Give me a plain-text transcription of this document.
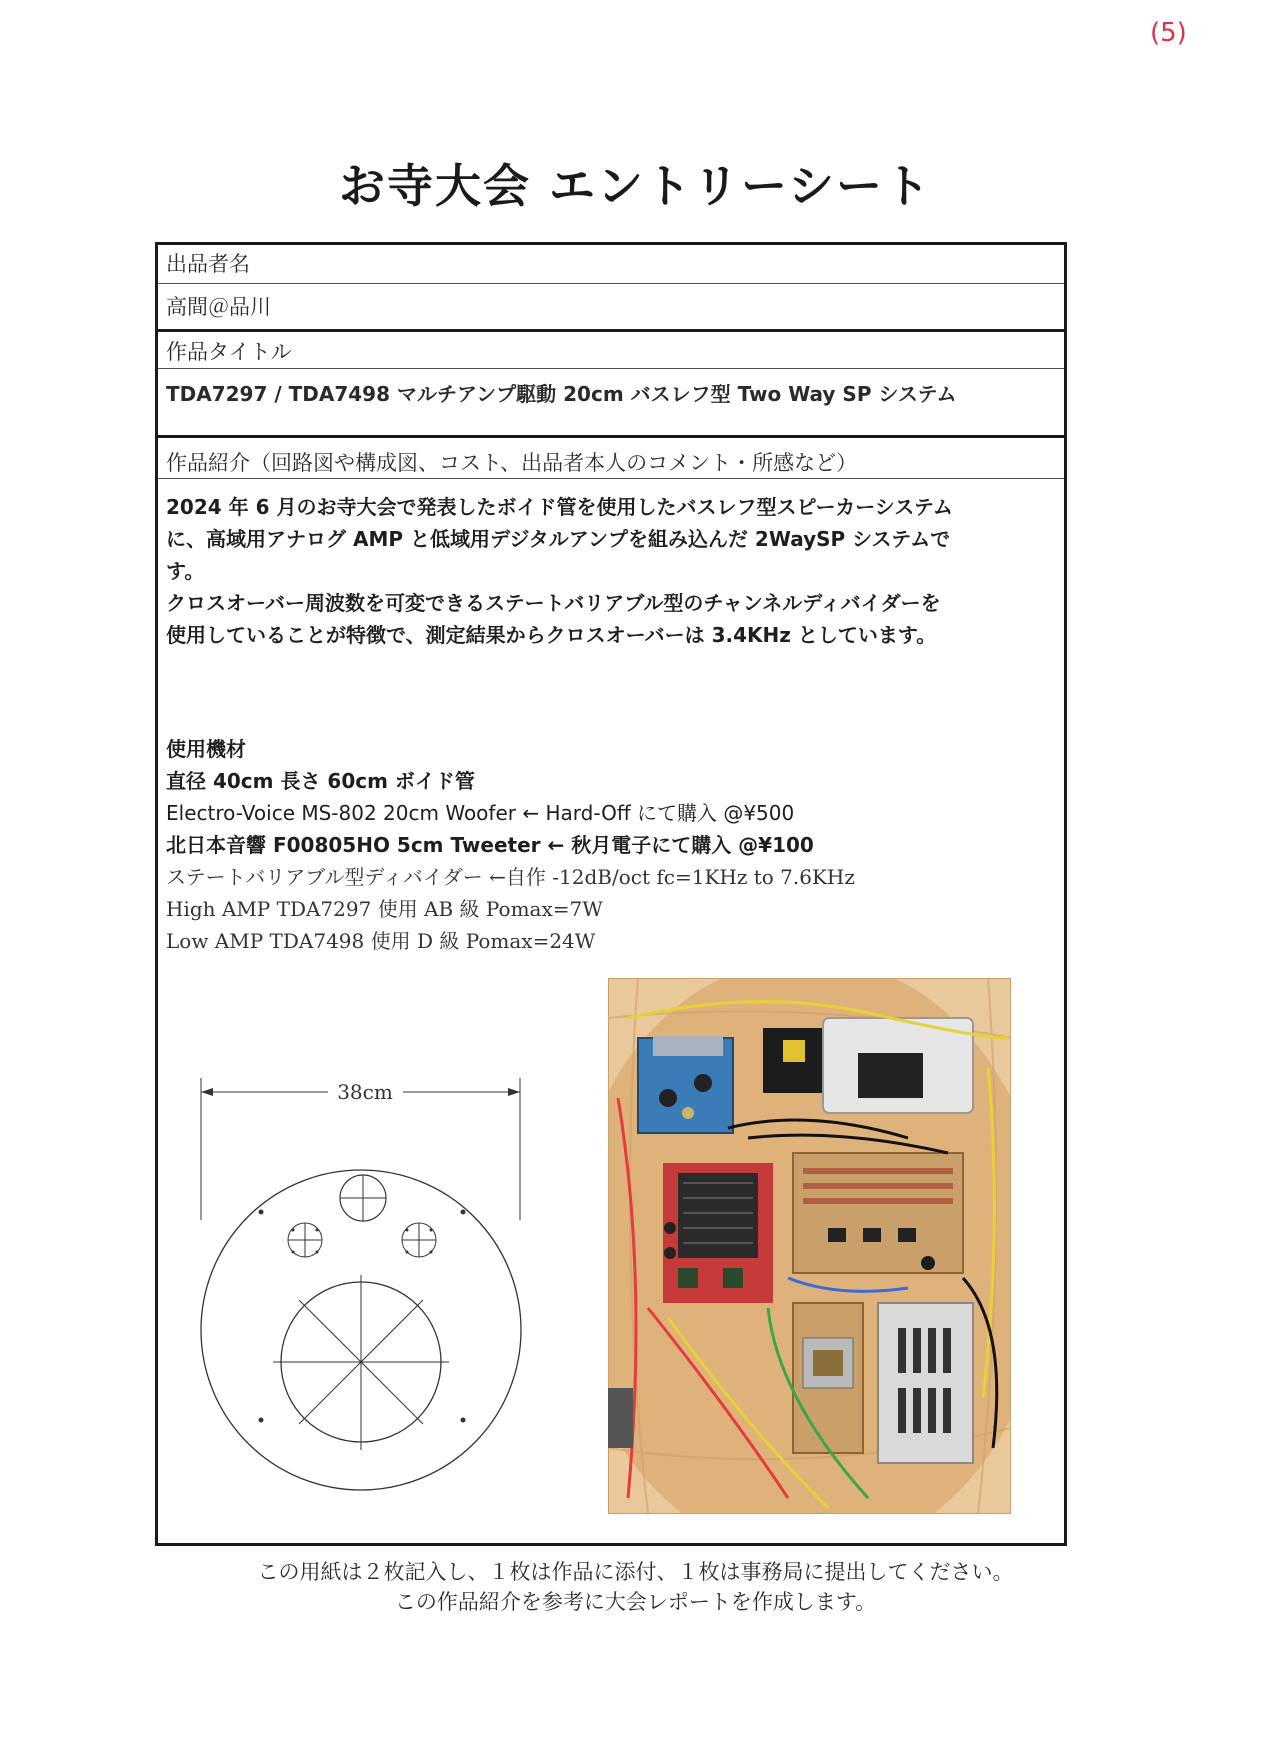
(5)
お寺大会 エントリーシート
出品者名
高間＠品川
作品タイトル
TDA7297 / TDA7498 マルチアンプ駆動 20cm バスレフ型 Two Way SP システム
作品紹介（回路図や構成図、コスト、出品者本人のコメント・所感など）

2024 年 6 月のお寺大会で発表したボイド管を使用したバスレフ型スピーカーシステム

に、高域用アナログ AMP と低域用デジタルアンプを組み込んだ 2WaySP システムで

す。

クロスオーバー周波数を可変できるステートバリアブル型のチャンネルディバイダーを

使用していることが特徴で、測定結果からクロスオーバーは 3.4KHz としています。

使用機材
直径 40cm 長さ 60cm ボイド管
Electro-Voice MS-802 20cm Woofer ← Hard-Off にて購入 @¥500
北日本音響 F00805HO 5cm Tweeter ← 秋月電子にて購入 @¥100
ステートバリアブル型ディバイダー ←自作 -12dB/oct fc=1KHz to 7.6KHz
High AMP TDA7297 使用 AB 級 Pomax=7W
Low AMP TDA7498 使用 D 級 Pomax=24W
38cm
この用紙は２枚記入し、１枚は作品に添付、１枚は事務局に提出してください。
この作品紹介を参考に大会レポートを作成します。
